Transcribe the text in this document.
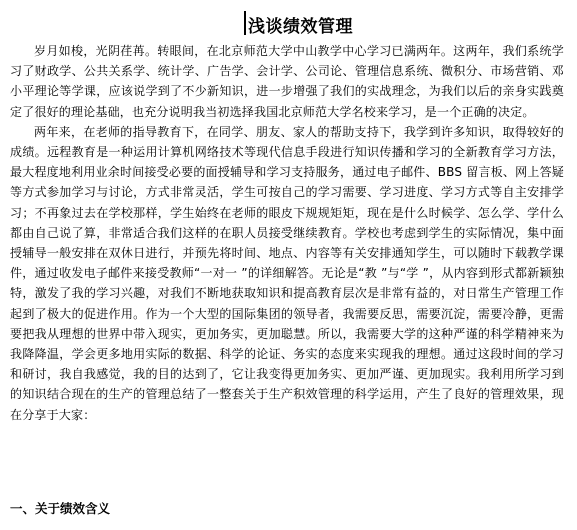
浅谈绩效管理

岁月如梭，光阴荏苒。转眼间，在北京师范大学中山教学中心学习已满两年。这两年，我们系统学习了财政学、公共关系学、统计学、广告学、会计学、公司论、管理信息系统、微积分、市场营销、邓小平理论等学课，应该说学到了不少新知识，进一步增强了我们的实战理念，为我们以后的亲身实践奠定了很好的理论基础，也充分说明我当初选择我国北京师范大学名校来学习，是一个正确的决定。

两年来，在老师的指导教育下，在同学、朋友、家人的帮助支持下，我学到许多知识，取得较好的成绩。远程教育是一种运用计算机网络技术等现代信息手段进行知识传播和学习的全新教育学习方法，最大程度地利用业余时间接受必要的面授辅导和学习支持服务，通过电子邮件、BBS 留言板、网上答疑等方式参加学习与讨论，方式非常灵活，学生可按自己的学习需要、学习进度、学习方式等自主安排学习；不再象过去在学校那样，学生始终在老师的眼皮下规规矩矩，现在是什么时候学、怎么学、学什么都由自己说了算，非常适合我们这样的在职人员接受继续教育。学校也考虑到学生的实际情况，集中面授辅导一般安排在双休日进行，并预先将时间、地点、内容等有关安排通知学生，可以随时下载教学课件，通过收发电子邮件来接受教师“一对一 ”的详细解答。无论是“教 ”与“学 ”，从内容到形式都新颖独特，激发了我的学习兴趣，对我们不断地获取知识和提高教育层次是非常有益的，对日常生产管理工作起到了极大的促进作用。作为一个大型的国际集团的领导者，我需要反思，需要沉淀，需要冷静，更需要把我从理想的世界中带入现实，更加务实，更加聪慧。所以，我需要大学的这种严谨的科学精神来为我降降温，学会更多地用实际的数据、科学的论证、务实的态度来实现我的理想。通过这段时间的学习和研讨，我自我感觉，我的目的达到了，它让我变得更加务实、更加严谨、更加现实。我利用所学习到的知识结合现在的生产的管理总结了一整套关于生产积效管理的科学运用，产生了良好的管理效果，现在分享于大家：

一、关于绩效含义
